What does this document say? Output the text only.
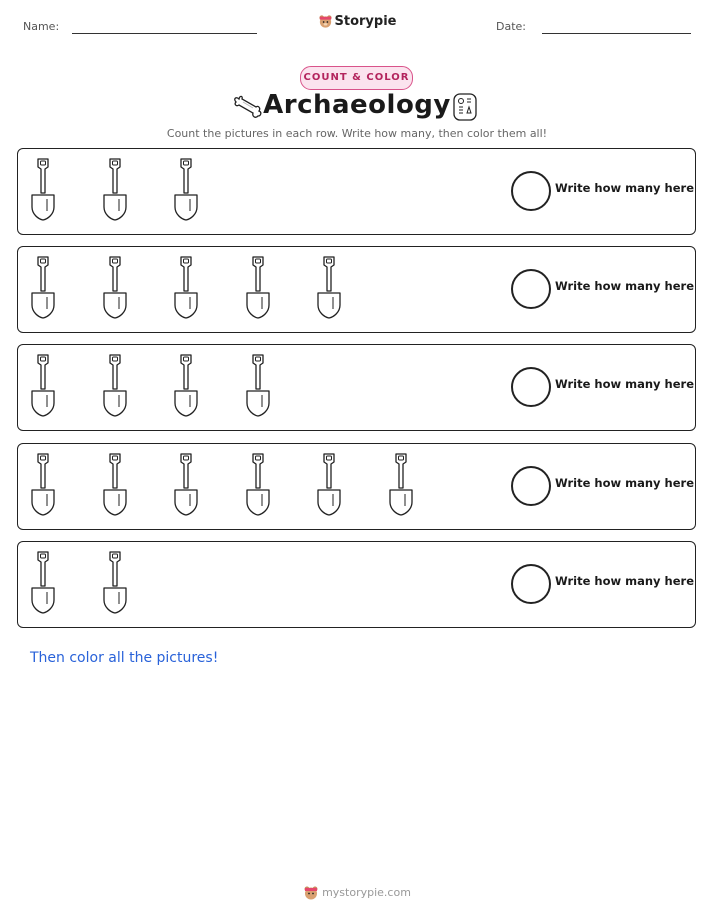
Name:	Storypie	Date:
COUNT & COLOR
Archaeology
Count the pictures in each row. Write how many, then color them all!
Write how many here
Write how many here
Write how many here
Write how many here
Write how many here
Then color all the pictures!
mystorypie.com
